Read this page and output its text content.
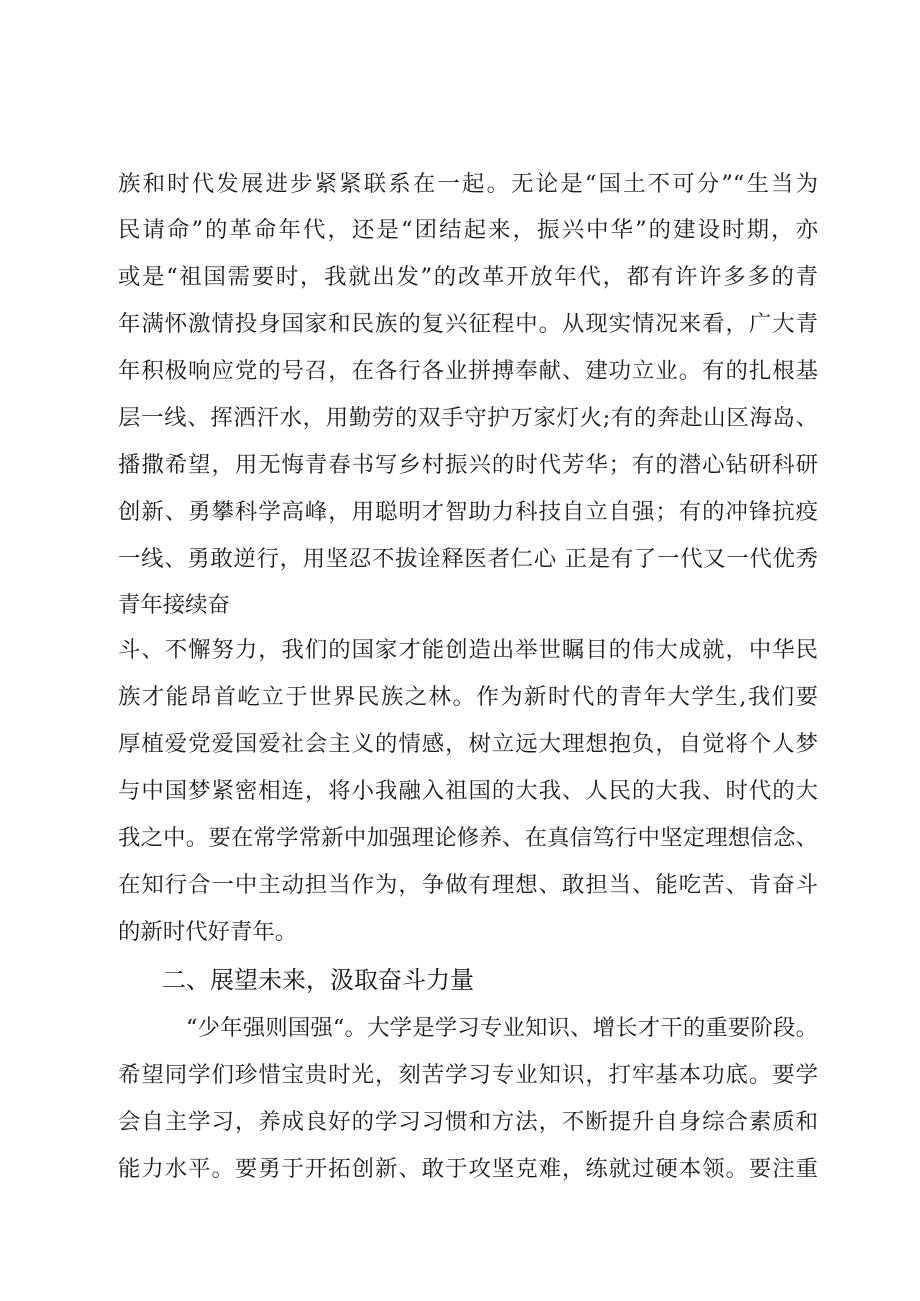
族和时代发展进步紧紧联系在一起。无论是“国土不可分”“生当为
民请命”的革命年代，还是“团结起来，振兴中华”的建设时期，亦
或是“祖国需要时，我就出发”的改革开放年代，都有许许多多的青
年满怀激情投身国家和民族的复兴征程中。从现实情况来看，广大青
年积极响应党的号召，在各行各业拼搏奉献、建功立业。有的扎根基
层一线、挥洒汗水，用勤劳的双手守护万家灯火;有的奔赴山区海岛、
播撒希望，用无悔青春书写乡村振兴的时代芳华；有的潜心钻研科研
创新、勇攀科学高峰，用聪明才智助力科技自立自强；有的冲锋抗疫
一线、勇敢逆行，用坚忍不拔诠释医者仁心 正是有了一代又一代优秀
青年接续奋
斗、不懈努力，我们的国家才能创造出举世瞩目的伟大成就，中华民
族才能昂首屹立于世界民族之林。作为新时代的青年大学生,我们要
厚植爱党爱国爱社会主义的情感，树立远大理想抱负，自觉将个人梦
与中国梦紧密相连，将小我融入祖国的大我、人民的大我、时代的大
我之中。要在常学常新中加强理论修养、在真信笃行中坚定理想信念、
在知行合一中主动担当作为，争做有理想、敢担当、能吃苦、肯奋斗
的新时代好青年。
二、展望未来，汲取奋斗力量
“少年强则国强“。大学是学习专业知识、增长才干的重要阶段。
希望同学们珍惜宝贵时光，刻苦学习专业知识，打牢基本功底。要学
会自主学习，养成良好的学习习惯和方法，不断提升自身综合素质和
能力水平。要勇于开拓创新、敢于攻坚克难，练就过硬本领。要注重
